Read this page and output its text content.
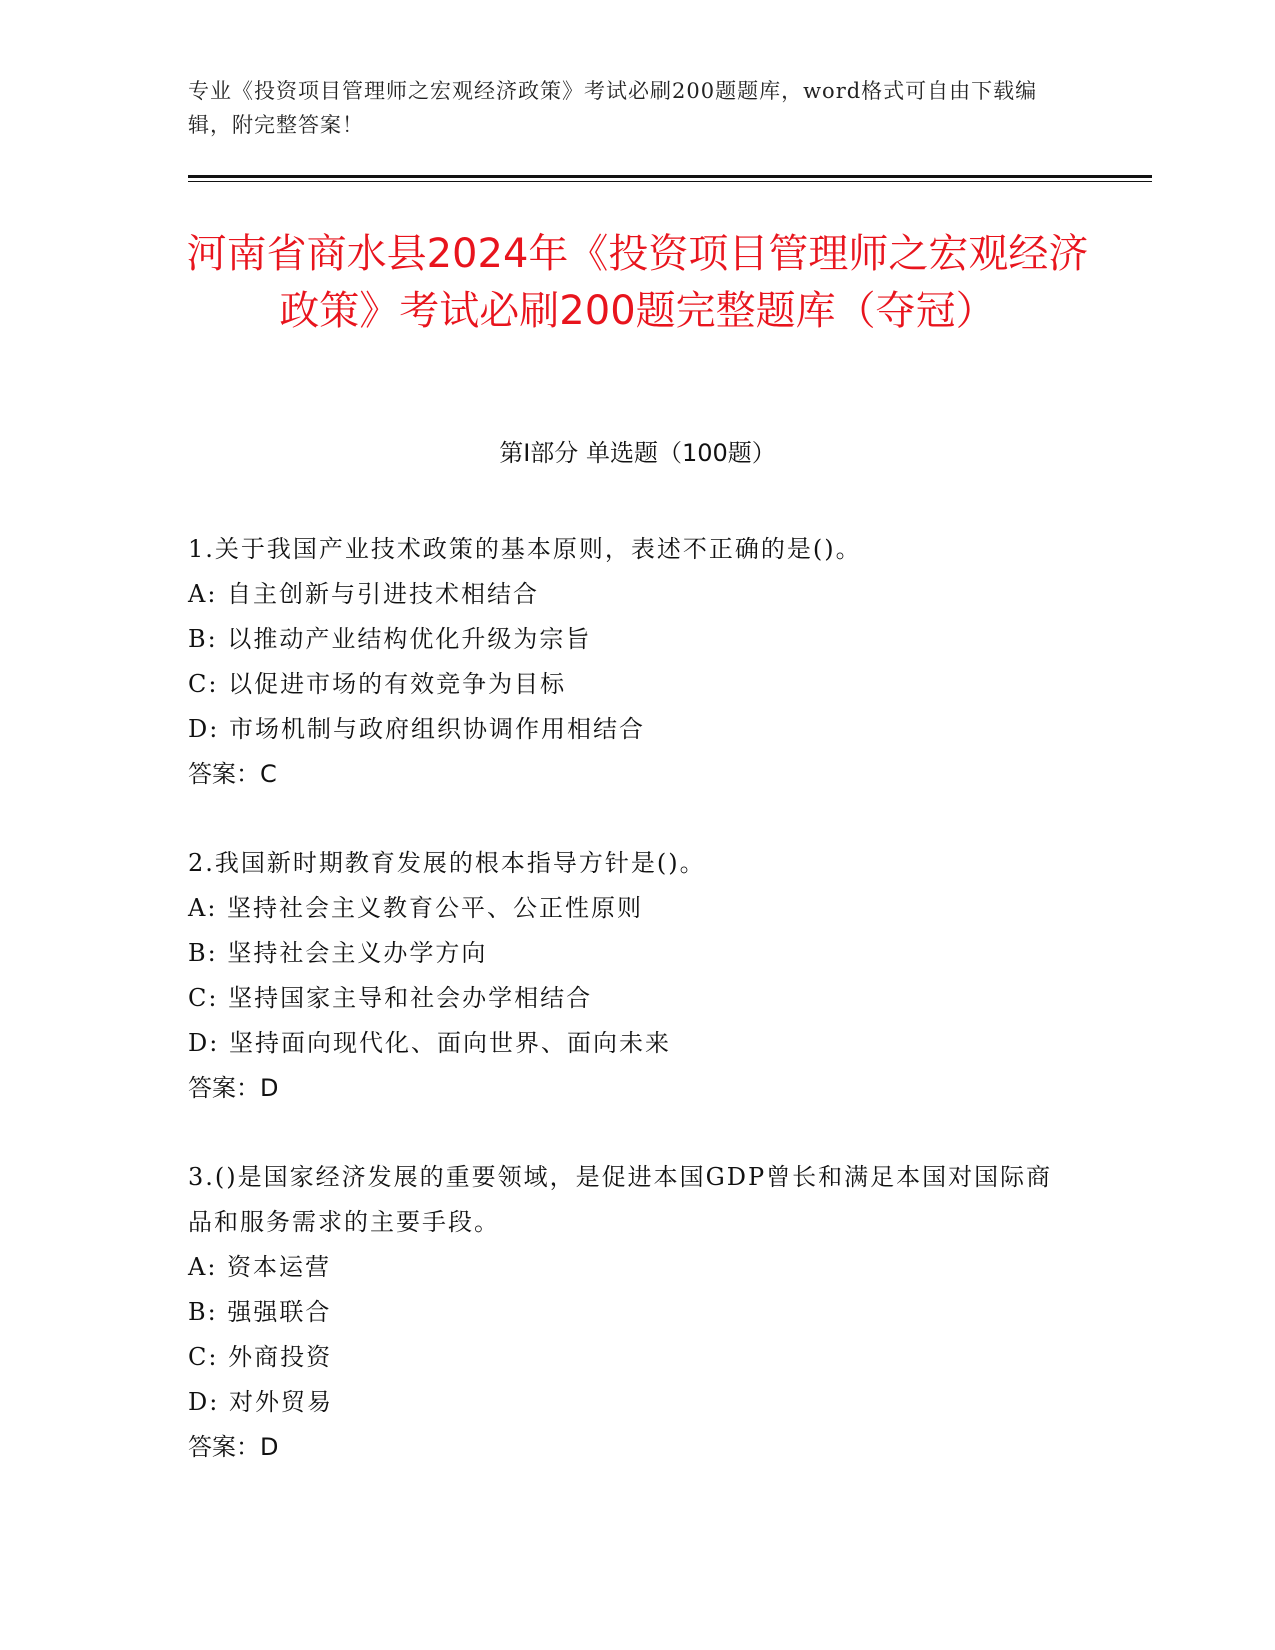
专业《投资项目管理师之宏观经济政策》考试必刷200题题库，word格式可自由下载编辑，附完整答案！

河南省商水县2024年《投资项目管理师之宏观经济政策》考试必刷200题完整题库（夺冠）
第I部分 单选题（100题）

1.关于我国产业技术政策的基本原则，表述不正确的是()。

A: 自主创新与引进技术相结合

B: 以推动产业结构优化升级为宗旨

C: 以促进市场的有效竞争为目标

D: 市场机制与政府组织协调作用相结合

答案：C

2.我国新时期教育发展的根本指导方针是()。

A: 坚持社会主义教育公平、公正性原则

B: 坚持社会主义办学方向

C: 坚持国家主导和社会办学相结合

D: 坚持面向现代化、面向世界、面向未来

答案：D

3.()是国家经济发展的重要领域，是促进本国GDP曾长和满足本国对国际商品和服务需求的主要手段。

A: 资本运营

B: 强强联合

C: 外商投资

D: 对外贸易

答案：D
